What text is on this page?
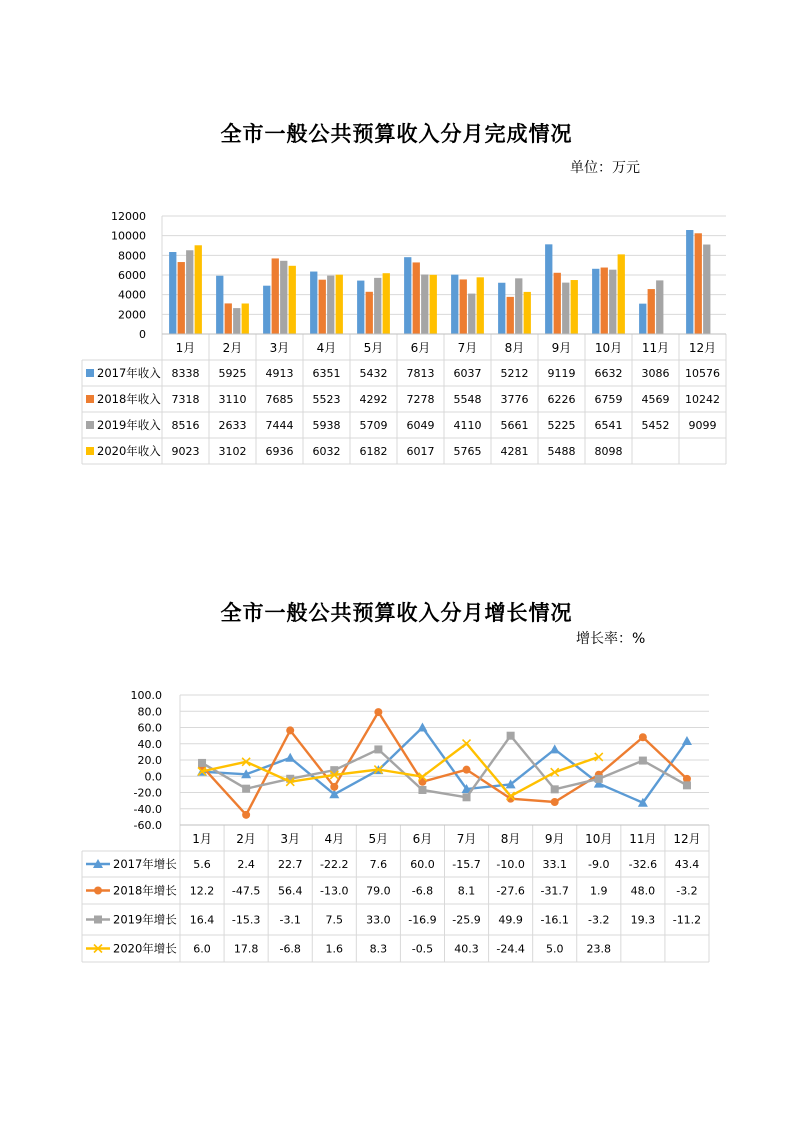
全市一般公共预算收入分月完成情况
单位：万元
全市一般公共预算收入分月增长情况
增长率：%
0
2000
4000
6000
8000
10000
12000
1月 2月 3月 4月 5月 6月 7月 8月 9月 10月 11月 12月
2017年收入 8338 5925 4913 6351 5432 7813 6037 5212 9119 6632 3086 10576
2018年收入 7318 3110 7685 5523 4292 7278 5548 3776 6226 6759 4569 10242
2019年收入 8516 2633 7444 5938 5709 6049 4110 5661 5225 6541 5452 9099
2020年收入 9023 3102 6936 6032 6182 6017 5765 4281 5488 8098
100.0
80.0
60.0
40.0
20.0
0.0
-20.0
-40.0
-60.0
1月 2月 3月 4月 5月 6月 7月 8月 9月 10月 11月 12月
2017年增长 5.6 2.4 22.7 -22.2 7.6 60.0 -15.7 -10.0 33.1 -9.0 -32.6 43.4
2018年增长 12.2 -47.5 56.4 -13.0 79.0 -6.8 8.1 -27.6 -31.7 1.9 48.0 -3.2
2019年增长 16.4 -15.3 -3.1 7.5 33.0 -16.9 -25.9 49.9 -16.1 -3.2 19.3 -11.2
2020年增长 6.0 17.8 -6.8 1.6 8.3 -0.5 40.3 -24.4 5.0 23.8
